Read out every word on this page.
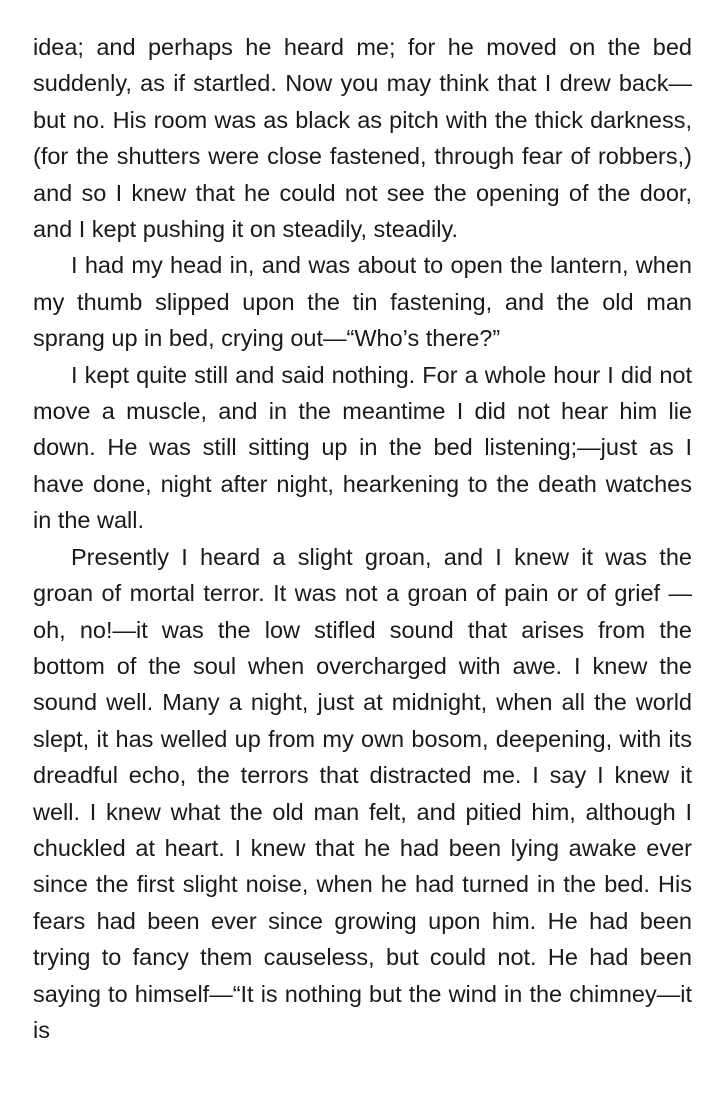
idea; and perhaps he heard me; for he moved on the bed suddenly, as if startled. Now you may think that I drew back—but no. His room was as black as pitch with the thick darkness, (for the shutters were close fastened, through fear of robbers,) and so I knew that he could not see the opening of the door, and I kept pushing it on steadily, steadily.

I had my head in, and was about to open the lantern, when my thumb slipped upon the tin fastening, and the old man sprang up in bed, crying out—“Who’s there?”

I kept quite still and said nothing. For a whole hour I did not move a muscle, and in the meantime I did not hear him lie down. He was still sitting up in the bed listening;—just as I have done, night after night, hearkening to the death watches in the wall.

Presently I heard a slight groan, and I knew it was the groan of mortal terror. It was not a groan of pain or of grief —oh, no!—it was the low stifled sound that arises from the bottom of the soul when overcharged with awe. I knew the sound well. Many a night, just at midnight, when all the world slept, it has welled up from my own bosom, deepening, with its dreadful echo, the terrors that distracted me. I say I knew it well. I knew what the old man felt, and pitied him, although I chuckled at heart. I knew that he had been lying awake ever since the first slight noise, when he had turned in the bed. His fears had been ever since growing upon him. He had been trying to fancy them causeless, but could not. He had been saying to himself—“It is nothing but the wind in the chimney—it is
